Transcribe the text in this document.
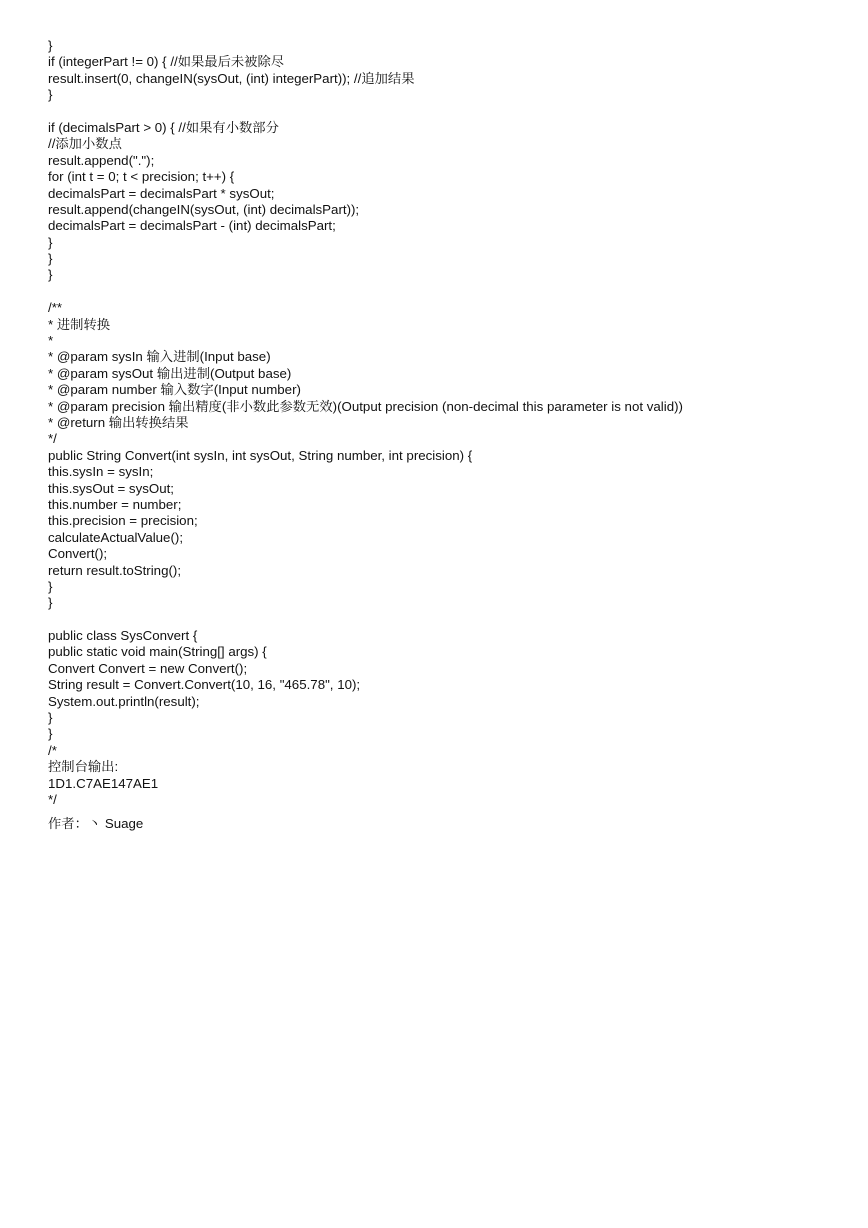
}
if (integerPart != 0) { //如果最后未被除尽
result.insert(0, changeIN(sysOut, (int) integerPart)); //追加结果
}
if (decimalsPart > 0) { //如果有小数部分
//添加小数点
result.append(".");
for (int t = 0; t < precision; t++) {
decimalsPart = decimalsPart * sysOut;
result.append(changeIN(sysOut, (int) decimalsPart));
decimalsPart = decimalsPart - (int) decimalsPart;
}
}
}
/**
* 进制转换
*
* @param sysIn 输入进制(Input base)
* @param sysOut 输出进制(Output base)
* @param number 输入数字(Input number)
* @param precision 输出精度(非小数此参数无效)(Output precision (non-decimal this parameter is not valid))
* @return 输出转换结果
*/
public String Convert(int sysIn, int sysOut, String number, int precision) {
this.sysIn = sysIn;
this.sysOut = sysOut;
this.number = number;
this.precision = precision;
calculateActualValue();
Convert();
return result.toString();
}
}
public class SysConvert {
public static void main(String[] args) {
Convert Convert = new Convert();
String result = Convert.Convert(10, 16, "465.78", 10);
System.out.println(result);
}
}
/*
控制台输出:
1D1.C7AE147AE1
*/
作者：丶 Suage
